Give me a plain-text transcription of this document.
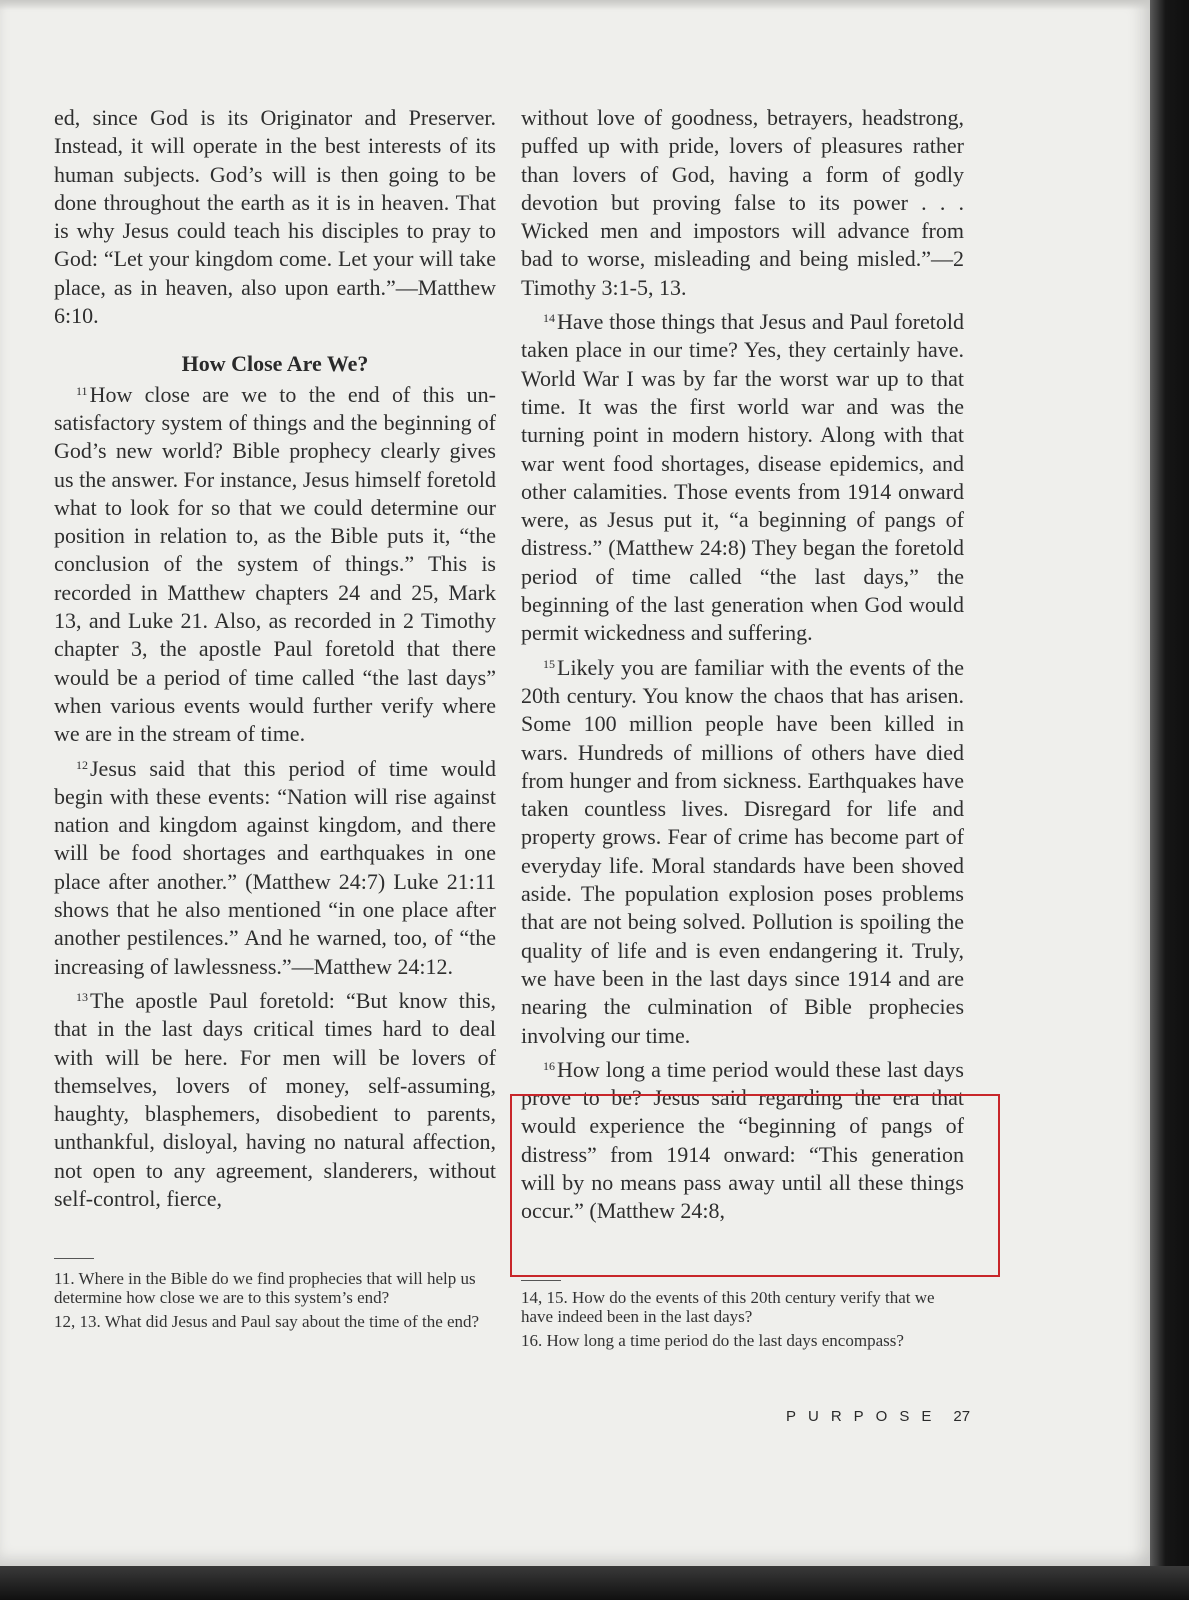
ed, since God is its Originator and Preserver. Instead, it will operate in the best interests of its human subjects. God’s will is then going to be done throughout the earth as it is in heaven. That is why Jesus could teach his disciples to pray to God: “Let your kingdom come. Let your will take place, as in heaven, also upon earth.”—Matthew 6:10.

How Close Are We?

$^{11}$How close are we to the end of this unsatisfactory system of things and the beginning of God’s new world? Bible prophecy clearly gives us the answer. For instance, Jesus himself foretold what to look for so that we could determine our position in relation to, as the Bible puts it, “the conclusion of the system of things.” This is recorded in Matthew chapters 24 and 25, Mark 13, and Luke 21. Also, as recorded in 2 Timothy chapter 3, the apostle Paul foretold that there would be a period of time called “the last days” when various events would further verify where we are in the stream of time.

$^{12}$Jesus said that this period of time would begin with these events: “Nation will rise against nation and kingdom against kingdom, and there will be food shortages and earthquakes in one place after another.” (Matthew 24:7) Luke 21:11 shows that he also mentioned “in one place after another pestilences.” And he warned, too, of “the increasing of lawlessness.”—Matthew 24:12.

$^{13}$The apostle Paul foretold: “But know this, that in the last days critical times hard to deal with will be here. For men will be lovers of themselves, lovers of money, self-assuming, haughty, blasphemers, disobedient to parents, unthankful, disloyal, having no natural affection, not open to any agreement, slanderers, without self-control, fierce,

without love of goodness, betrayers, headstrong, puffed up with pride, lovers of pleasures rather than lovers of God, having a form of godly devotion but proving false to its power . . . Wicked men and impostors will advance from bad to worse, misleading and being misled.”—2 Timothy 3:1-5, 13.

$^{14}$Have those things that Jesus and Paul foretold taken place in our time? Yes, they certainly have. World War I was by far the worst war up to that time. It was the first world war and was the turning point in modern history. Along with that war went food shortages, disease epidemics, and other calamities. Those events from 1914 onward were, as Jesus put it, “a beginning of pangs of distress.” (Matthew 24:8) They began the foretold period of time called “the last days,” the beginning of the last generation when God would permit wickedness and suffering.

$^{15}$Likely you are familiar with the events of the 20th century. You know the chaos that has arisen. Some 100 million people have been killed in wars. Hundreds of millions of others have died from hunger and from sickness. Earthquakes have taken countless lives. Disregard for life and property grows. Fear of crime has become part of everyday life. Moral standards have been shoved aside. The population explosion poses problems that are not being solved. Pollution is spoiling the quality of life and is even endangering it. Truly, we have been in the last days since 1914 and are nearing the culmination of Bible prophecies involving our time.

$^{16}$How long a time period would these last days prove to be? Jesus said regarding the era that would experience the “beginning of pangs of distress” from 1914 onward: “This generation will by no means pass away until all these things occur.” (Matthew 24:8,

11. Where in the Bible do we find prophecies that will help us determine how close we are to this system’s end?
12, 13. What did Jesus and Paul say about the time of the end?
14, 15. How do the events of this 20th century verify that we have indeed been in the last days?
16. How long a time period do the last days encompass?
PURPOSE 27
